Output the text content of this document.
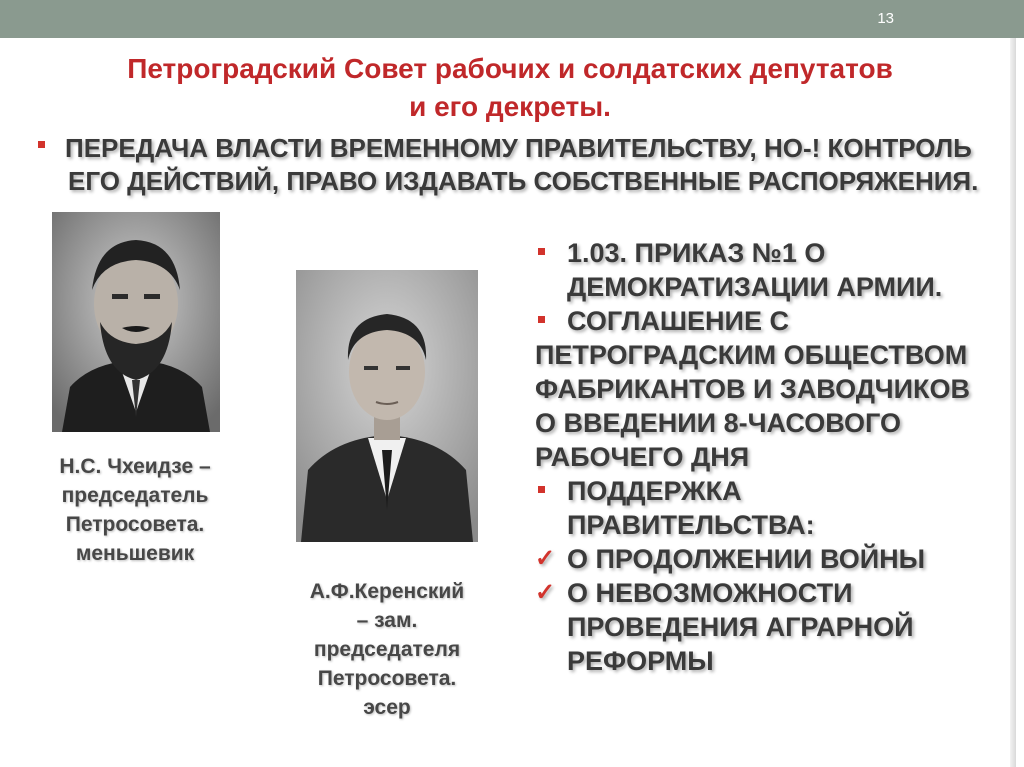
13
Петроградский Совет рабочих и солдатских депутатов
и его декреты.
ПЕРЕДАЧА ВЛАСТИ ВРЕМЕННОМУ ПРАВИТЕЛЬСТВУ, НО-! КОНТРОЛЬ
ЕГО ДЕЙСТВИЙ, ПРАВО ИЗДАВАТЬ СОБСТВЕННЫЕ РАСПОРЯЖЕНИЯ.
Н.С. Чхеидзе –
председатель
Петросовета.
меньшевик
А.Ф.Керенский
– зам.
председателя
Петросовета.
эсер
1.03. ПРИКАЗ №1 О
ДЕМОКРАТИЗАЦИИ АРМИИ.
СОГЛАШЕНИЕ С
ПЕТРОГРАДСКИМ ОБЩЕСТВОМ
ФАБРИКАНТОВ И ЗАВОДЧИКОВ
О ВВЕДЕНИИ 8-ЧАСОВОГО
РАБОЧЕГО ДНЯ
ПОДДЕРЖКА
ПРАВИТЕЛЬСТВА:
✓ О ПРОДОЛЖЕНИИ ВОЙНЫ
✓ О НЕВОЗМОЖНОСТИ
ПРОВЕДЕНИЯ АГРАРНОЙ
РЕФОРМЫ
